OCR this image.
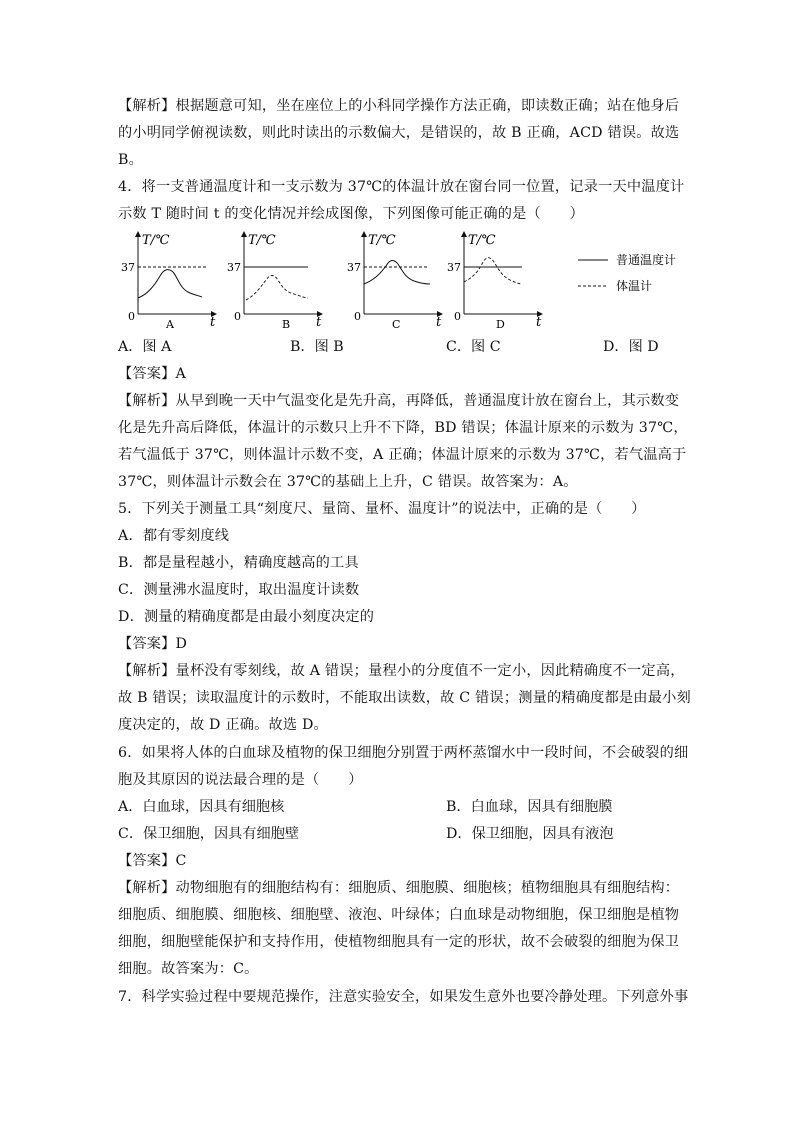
【解析】根据题意可知，坐在座位上的小科同学操作方法正确，即读数正确；站在他身后
的小明同学俯视读数，则此时读出的示数偏大，是错误的，故 B 正确，ACD 错误。故选
B。
4．将一支普通温度计和一支示数为 37℃的体温计放在窗台同一位置，记录一天中温度计
示数 T 随时间 t 的变化情况并绘成图像，下列图像可能正确的是（　　）
T/℃
37
0	t
A
T/℃
37
0	t
B
T/℃
37
0	t
C
T/℃
37
0	t
D
普通温度计
体温计
A．图 A	B．图 B	C．图 C	D．图 D
【答案】A
【解析】从早到晚一天中气温变化是先升高，再降低，普通温度计放在窗台上，其示数变
化是先升高后降低，体温计的示数只上升不下降，BD 错误；体温计原来的示数为 37℃，
若气温低于 37℃，则体温计示数不变，A 正确；体温计原来的示数为 37℃，若气温高于
37℃，则体温计示数会在 37℃的基础上上升，C 错误。故答案为：A。
5．下列关于测量工具“刻度尺、量筒、量杯、温度计”的说法中，正确的是（　　）
A．都有零刻度线
B．都是量程越小，精确度越高的工具
C．测量沸水温度时，取出温度计读数
D．测量的精确度都是由最小刻度决定的
【答案】D
【解析】量杯没有零刻线，故 A 错误；量程小的分度值不一定小，因此精确度不一定高，
故 B 错误；读取温度计的示数时，不能取出读数，故 C 错误；测量的精确度都是由最小刻
度决定的，故 D 正确。故选 D。
6．如果将人体的白血球及植物的保卫细胞分别置于两杯蒸馏水中一段时间，不会破裂的细
胞及其原因的说法最合理的是（　　）
A．白血球，因具有细胞核	B．白血球，因具有细胞膜
C．保卫细胞，因具有细胞壁	D．保卫细胞，因具有液泡
【答案】C
【解析】动物细胞有的细胞结构有：细胞质、细胞膜、细胞核；植物细胞具有细胞结构：
细胞质、细胞膜、细胞核、细胞壁、液泡、叶绿体；白血球是动物细胞，保卫细胞是植物
细胞，细胞壁能保护和支持作用，使植物细胞具有一定的形状，故不会破裂的细胞为保卫
细胞。故答案为：C。
7．科学实验过程中要规范操作，注意实验安全，如果发生意外也要冷静处理。下列意外事
